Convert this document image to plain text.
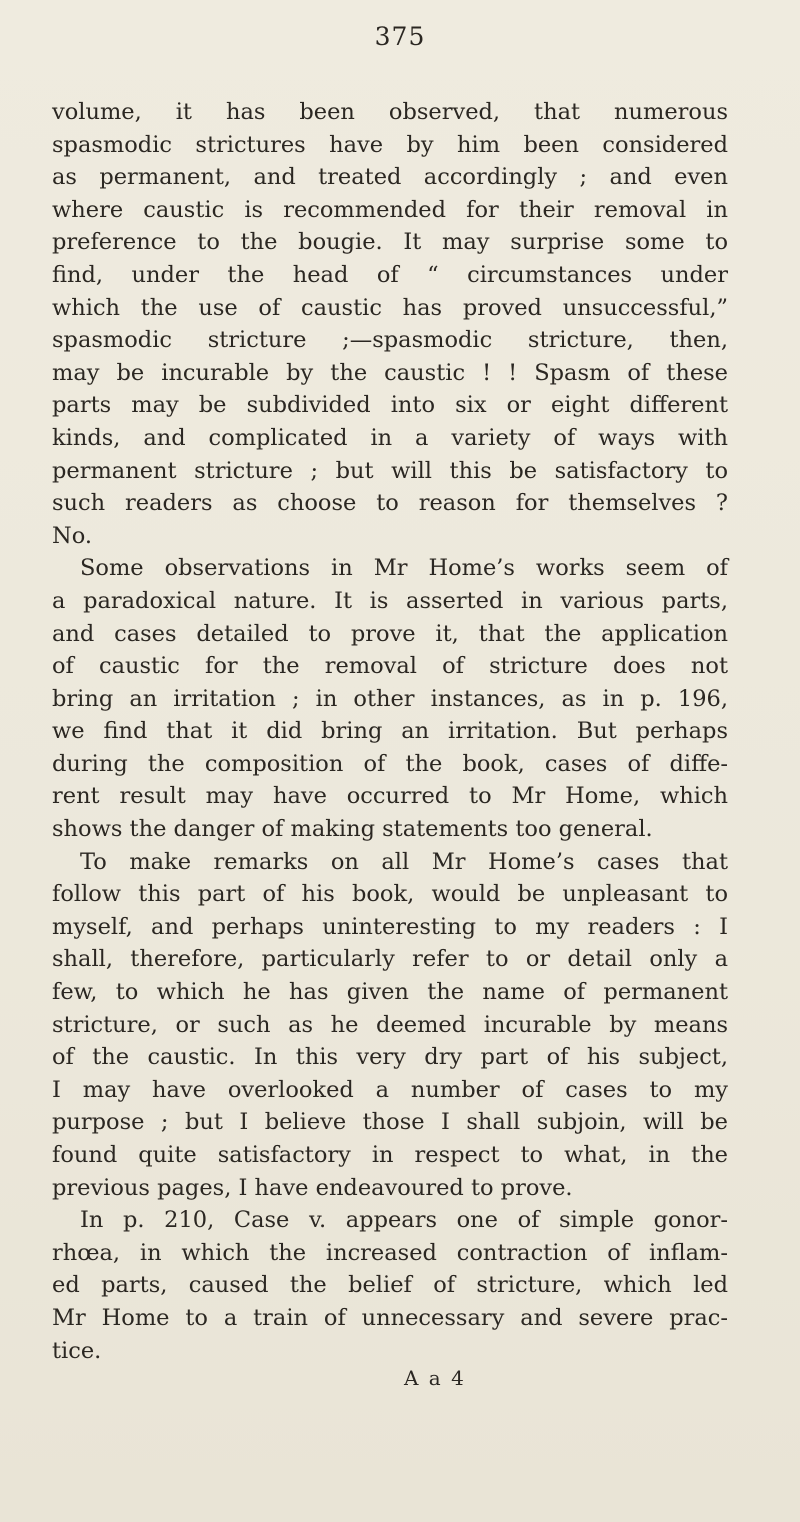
375
volume, it has been observed, that numerous
spasmodic strictures have by him been considered
as permanent, and treated accordingly ; and even
where caustic is recommended for their removal in
preference to the bougie. It may surprise some to
find, under the head of “ circumstances under
which the use of caustic has proved unsuccessful,”
spasmodic stricture ;—spasmodic stricture, then,
may be incurable by the caustic ! ! Spasm of these
parts may be subdivided into six or eight different
kinds, and complicated in a variety of ways with
permanent stricture ; but will this be satisfactory to
such readers as choose to reason for themselves ?
No.
Some observations in Mr Home’s works seem of
a paradoxical nature. It is asserted in various parts,
and cases detailed to prove it, that the application
of caustic for the removal of stricture does not
bring an irritation ; in other instances, as in p. 196,
we find that it did bring an irritation. But perhaps
during the composition of the book, cases of diffe-
rent result may have occurred to Mr Home, which
shows the danger of making statements too general.
To make remarks on all Mr Home’s cases that
follow this part of his book, would be unpleasant to
myself, and perhaps uninteresting to my readers : I
shall, therefore, particularly refer to or detail only a
few, to which he has given the name of permanent
stricture, or such as he deemed incurable by means
of the caustic. In this very dry part of his subject,
I may have overlooked a number of cases to my
purpose ; but I believe those I shall subjoin, will be
found quite satisfactory in respect to what, in the
previous pages, I have endeavoured to prove.
In p. 210, Case v. appears one of simple gonor-
rhœa, in which the increased contraction of inflam-
ed parts, caused the belief of stricture, which led
Mr Home to a train of unnecessary and severe prac-
tice.
A a 4
